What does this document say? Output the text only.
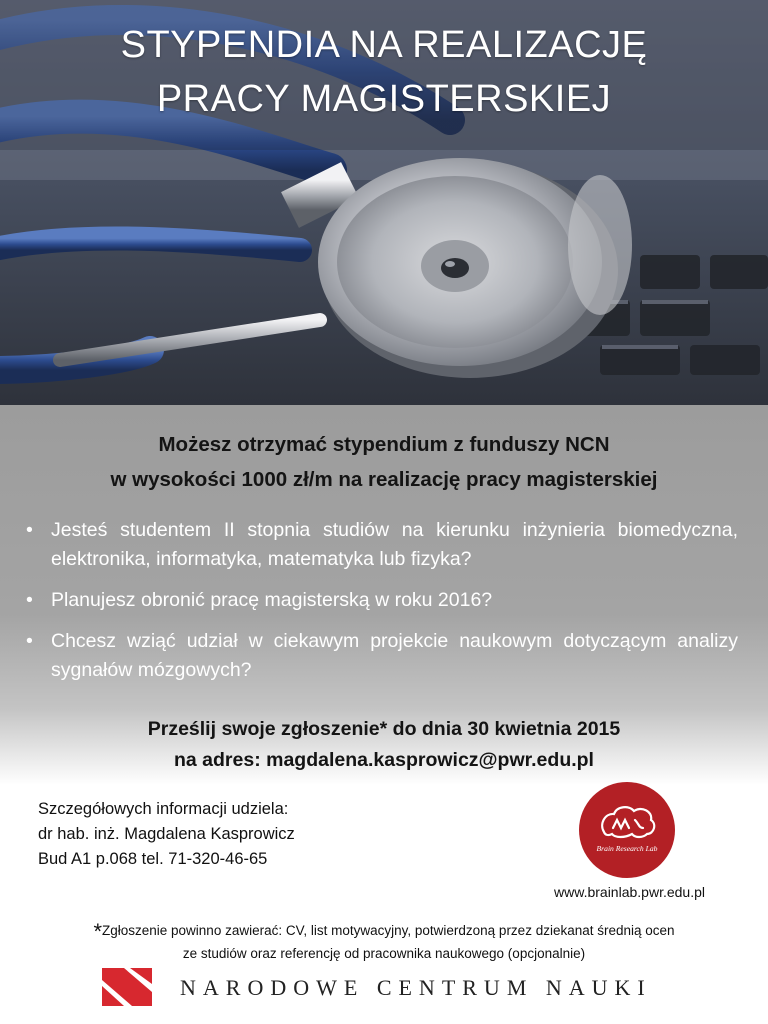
STYPENDIA NA REALIZACJĘ
PRACY MAGISTERSKIEJ
Możesz otrzymać stypendium z funduszy NCN
w wysokości 1000 zł/m na realizację pracy magisterskiej
• Jesteś studentem II stopnia studiów na kierunku inżynieria biomedyczna, elektronika, informatyka, matematyka lub fizyka?
• Planujesz obronić pracę magisterską w roku 2016?
• Chcesz wziąć udział w ciekawym projekcie naukowym dotyczącym analizy sygnałów mózgowych?
Prześlij swoje zgłoszenie* do dnia 30 kwietnia 2015
na adres: magdalena.kasprowicz@pwr.edu.pl
Szczegółowych informacji udziela:
dr hab. inż. Magdalena Kasprowicz
Bud A1 p.068 tel. 71-320-46-65
Brain Research Lab
www.brainlab.pwr.edu.pl
*Zgłoszenie powinno zawierać: CV, list motywacyjny, potwierdzoną przez dziekanat średnią ocen
ze studiów oraz referencję od pracownika naukowego (opcjonalnie)
NARODOWE CENTRUM NAUKI
